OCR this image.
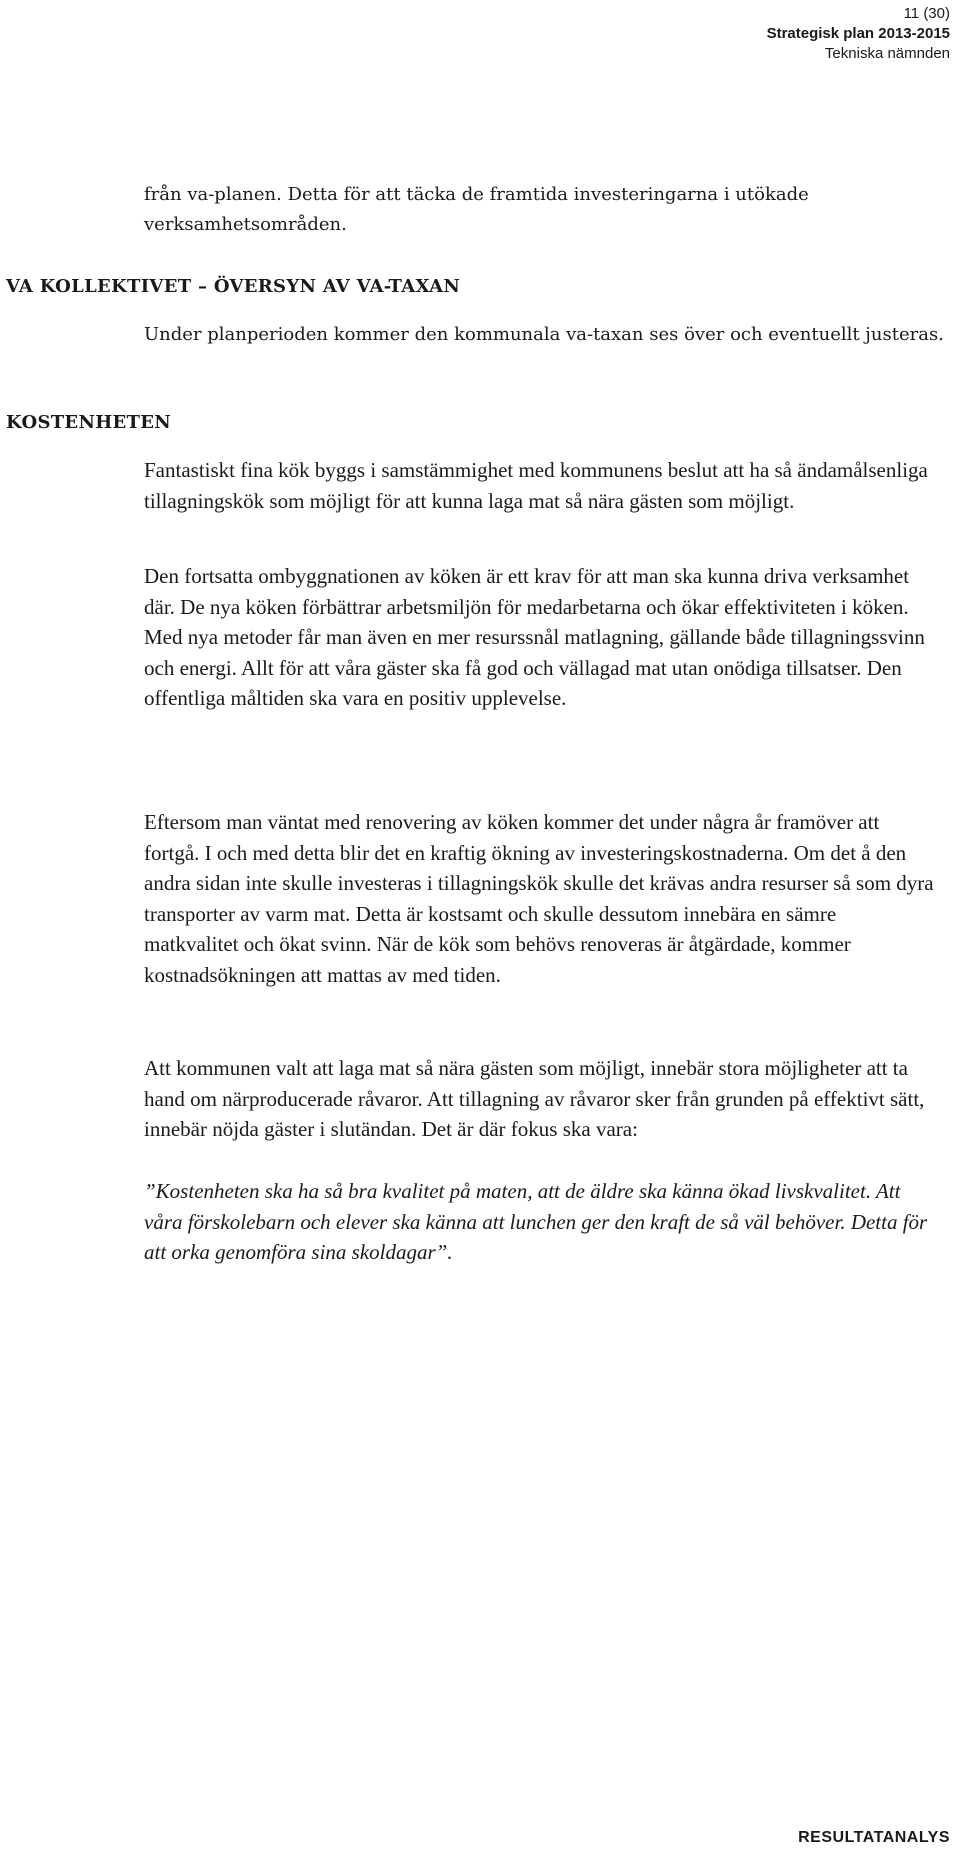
11 (30)
Strategisk plan 2013-2015
Tekniska nämnden

från va-planen. Detta för att täcka de framtida investeringarna i utökade verksamhetsområden.

VA KOLLEKTIVET – ÖVERSYN AV VA-TAXAN

Under planperioden kommer den kommunala va-taxan ses över och eventuellt justeras.

KOSTENHETEN

Fantastiskt fina kök byggs i samstämmighet med kommunens beslut att ha så ändamålsenliga tillagningskök som möjligt för att kunna laga mat så nära gästen som möjligt.

Den fortsatta ombyggnationen av köken är ett krav för att man ska kunna driva verksamhet där. De nya köken förbättrar arbetsmiljön för medarbetarna och ökar effektiviteten i köken. Med nya metoder får man även en mer resurssnål matlagning, gällande både tillagningssvinn och energi. Allt för att våra gäster ska få god och vällagad mat utan onödiga tillsatser. Den offentliga måltiden ska vara en positiv upplevelse.

Eftersom man väntat med renovering av köken kommer det under några år framöver att fortgå. I och med detta blir det en kraftig ökning av investeringskostnaderna. Om det å den andra sidan inte skulle investeras i tillagningskök skulle det krävas andra resurser så som dyra transporter av varm mat. Detta är kostsamt och skulle dessutom innebära en sämre matkvalitet och ökat svinn. När de kök som behövs renoveras är åtgärdade, kommer kostnadsökningen att mattas av med tiden.

Att kommunen valt att laga mat så nära gästen som möjligt, innebär stora möjligheter att ta hand om närproducerade råvaror. Att tillagning av råvaror sker från grunden på effektivt sätt, innebär nöjda gäster i slutändan. Det är där fokus ska vara:

”Kostenheten ska ha så bra kvalitet på maten, att de äldre ska känna ökad livskvalitet. Att våra förskolebarn och elever ska känna att lunchen ger den kraft de så väl behöver. Detta för att orka genomföra sina skoldagar”.

RESULTATANALYS
